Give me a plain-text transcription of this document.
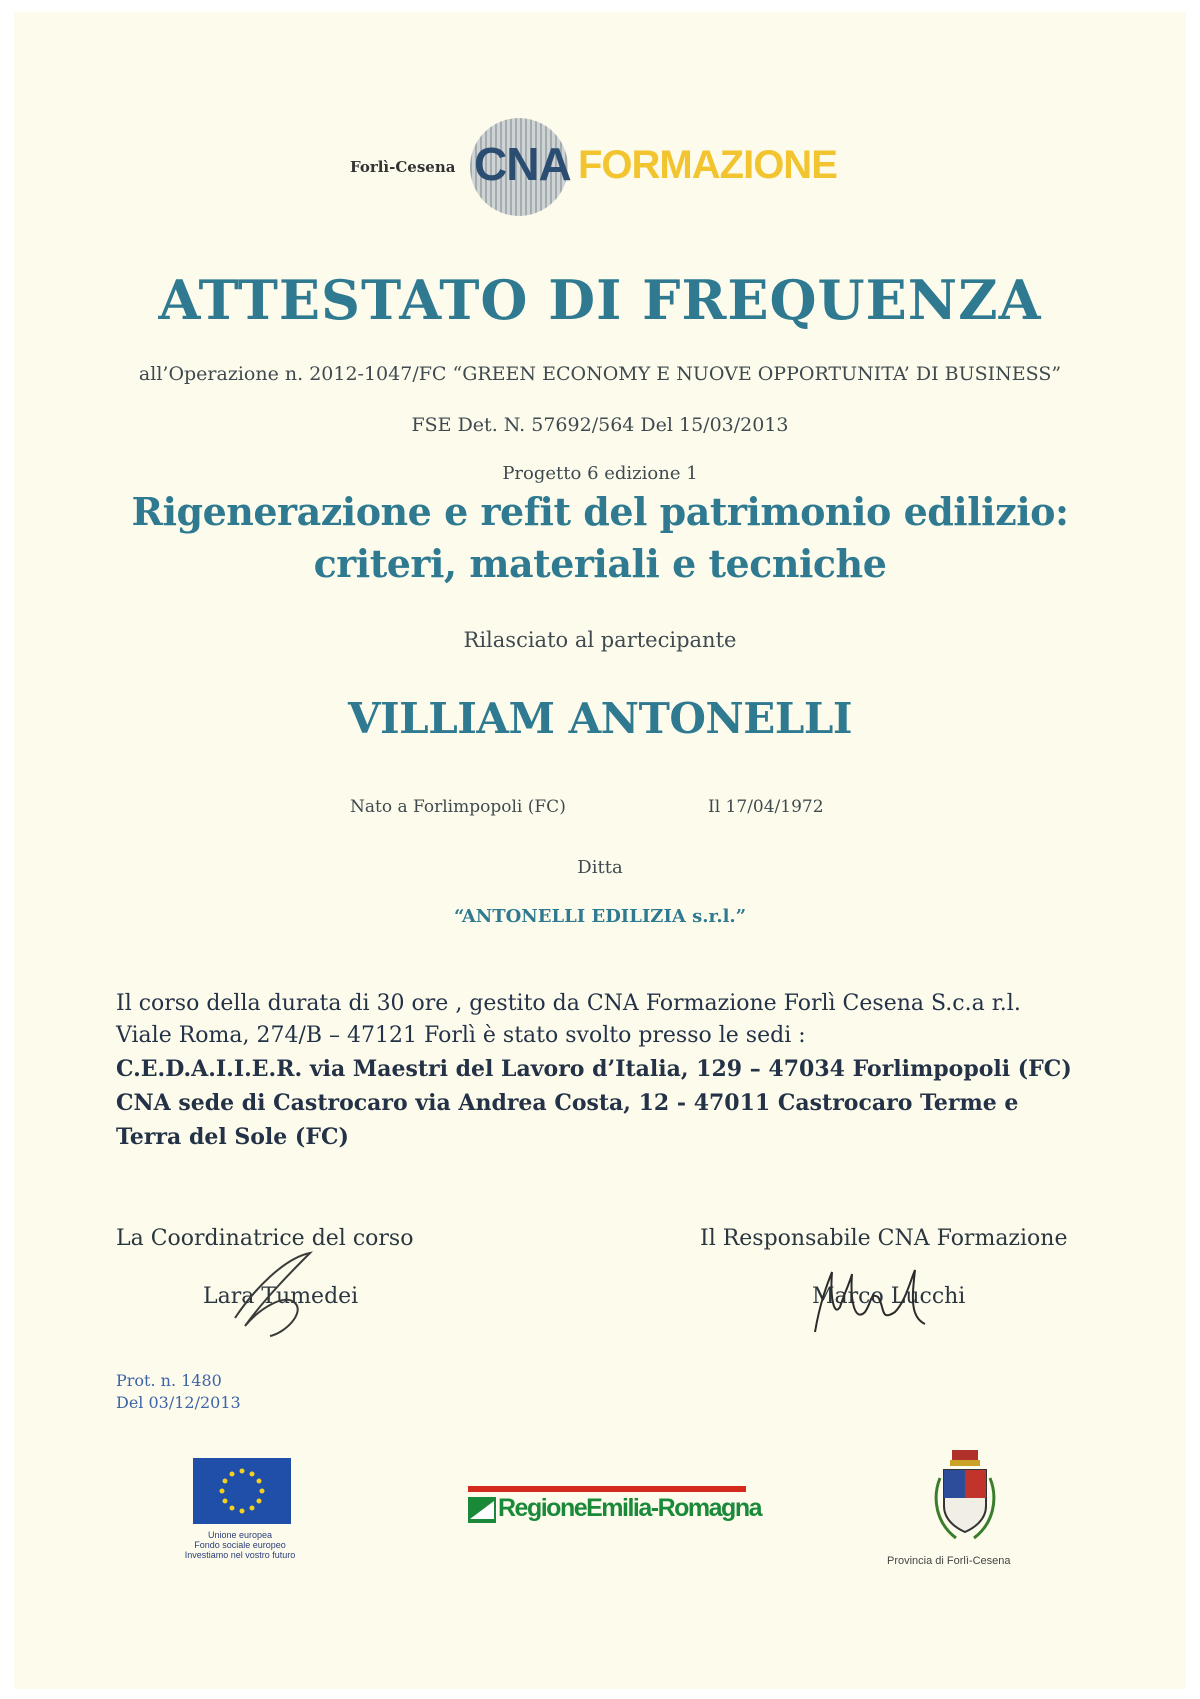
Forlì-Cesena CNA FORMAZIONE
ATTESTATO DI FREQUENZA
all’Operazione n. 2012-1047/FC “GREEN ECONOMY E NUOVE OPPORTUNITA’ DI BUSINESS”
FSE Det. N. 57692/564 Del 15/03/2013
Progetto 6 edizione 1
Rigenerazione e refit del patrimonio edilizio:
criteri, materiali e tecniche
Rilasciato al partecipante
VILLIAM ANTONELLI
Nato a Forlimpopoli (FC)	Il 17/04/1972
Ditta
“ANTONELLI EDILIZIA s.r.l.”
Il corso della durata di 30 ore , gestito da CNA Formazione Forlì Cesena S.c.a r.l.
Viale Roma, 274/B – 47121 Forlì è stato svolto presso le sedi :
C.E.D.A.I.I.E.R. via Maestri del Lavoro d’Italia, 129 – 47034 Forlimpopoli (FC)
CNA sede di Castrocaro via Andrea Costa, 12 - 47011 Castrocaro Terme e
Terra del Sole (FC)
La Coordinatrice del corso
Lara Tumedei
Il Responsabile CNA Formazione
Marco Lucchi
Prot. n. 1480
Del 03/12/2013
Unione europea
Fondo sociale europeo
Investiamo nel vostro futuro
RegioneEmilia-Romagna
Provincia di Forlì-Cesena
